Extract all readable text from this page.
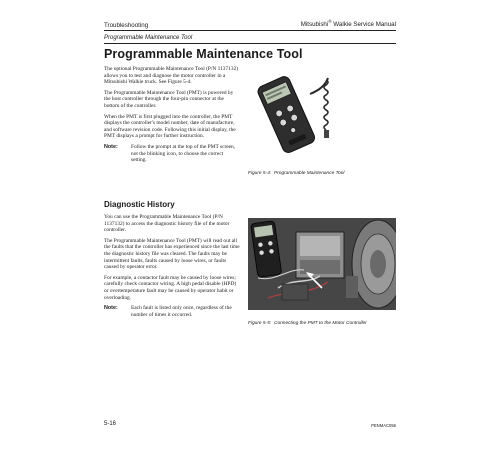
Troubleshooting	Mitsubishi® Walkie Service Manual
Programmable Maintenance Tool
Programmable Maintenance Tool

The optional Programmable Maintenance Tool (P/N 1137132) allows you to test and diagnose the motor controller in a Mitsubishi Walkie truck. See Figure 5-4.

The Programmable Maintenance Tool (PMT) is powered by the host controller through the four-pin connector at the bottom of the controller.

When the PMT is first plugged into the controller, the PMT displays the controller's model number, date of manufacture, and software revision code. Following this initial display, the PMT displays a prompt for further instruction.

Note:	Follow the prompt at the top of the PMT screen, not the blinking icon, to choose the correct setting.
Diagnostic History

You can use the Programmable Maintenance Tool (P/N 1137132) to access the diagnostic history file of the motor controller.

The Programmable Maintenance Tool (PMT) will read out all the faults that the controller has experienced since the last time the diagnostic history file was cleared. The faults may be intermittent faults, faults caused by loose wires, or faults caused by operator error.

For example, a contactor fault may be caused by loose wires; carefully check contactor wiring. A high pedal disable (HPD) or overtemperature fault may be caused by operator habit or overloading.

Note:	Each fault is listed only once, regardless of the number of times it occurred.
Figure 5-4: Programmable Maintenance Tool
Figure 5-5: Connecting the PMT to the Motor Controller
5-16	PENMAC056
